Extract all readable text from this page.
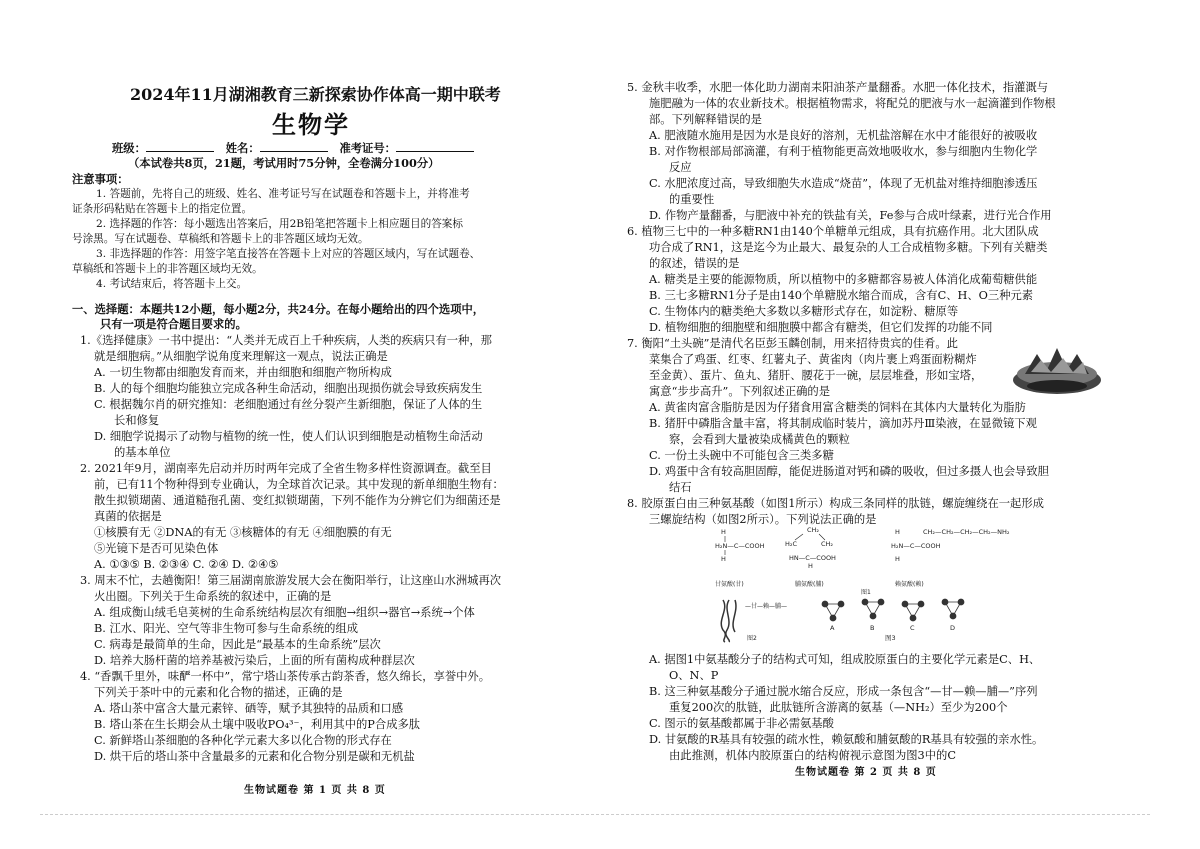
2024年11月湖湘教育三新探索协作体高一期中联考
生物学
班级：	姓名：	准考证号：
（本试卷共8页，21题，考试用时75分钟，全卷满分100分）
注意事项：
1. 答题前，先将自己的班级、姓名、准考证号写在试题卷和答题卡上，并将准考
证条形码粘贴在答题卡上的指定位置。
2. 选择题的作答：每小题选出答案后，用2B铅笔把答题卡上相应题目的答案标
号涂黑。写在试题卷、草稿纸和答题卡上的非答题区域均无效。
3. 非选择题的作答：用签字笔直接答在答题卡上对应的答题区域内，写在试题卷、
草稿纸和答题卡上的非答题区域均无效。
4. 考试结束后，将答题卡上交。
一、选择题：本题共12小题，每小题2分，共24分。在每小题给出的四个选项中，
只有一项是符合题目要求的。
1.《选择健康》一书中提出：“人类并无成百上千种疾病，人类的疾病只有一种，那
就是细胞病。”从细胞学说角度来理解这一观点，说法正确是
A. 一切生物都由细胞发育而来，并由细胞和细胞产物所构成
B. 人的每个细胞均能独立完成各种生命活动，细胞出现损伤就会导致疾病发生
C. 根据魏尔肖的研究推知：老细胞通过有丝分裂产生新细胞，保证了人体的生
长和修复
D. 细胞学说揭示了动物与植物的统一性，使人们认识到细胞是动植物生命活动
的基本单位
2. 2021年9月，湖南率先启动并历时两年完成了全省生物多样性资源调查。截至目
前，已有11个物种得到专业确认，为全球首次记录。其中发现的新单细胞生物有：
散生拟锁瑚菌、通道糙孢孔菌、变红拟锁瑚菌，下列不能作为分辨它们为细菌还是
真菌的依据是
①核膜有无 ②DNA的有无 ③核糖体的有无 ④细胞膜的有无
⑤光镜下是否可见染色体
A. ①③⑤ B. ②③④ C. ②④ D. ②④⑤
3. 周末不忙，去趟衡阳！第三届湖南旅游发展大会在衡阳举行，让这座山水洲城再次
火出圈。下列关于生命系统的叙述中，正确的是
A. 组成衡山绒毛皂荚树的生命系统结构层次有细胞→组织→器官→系统→个体
B. 江水、阳光、空气等非生物可参与生命系统的组成
C. 病毒是最简单的生命，因此是“最基本的生命系统”层次
D. 培养大肠杆菌的培养基被污染后，上面的所有菌构成种群层次
4. “香飘千里外，味酽一杯中”，常宁塔山茶传承古韵茶香，悠久绵长，享誉中外。
下列关于茶叶中的元素和化合物的描述，正确的是
A. 塔山茶中富含大量元素锌、硒等，赋予其独特的品质和口感
B. 塔山茶在生长期会从土壤中吸收PO₄³⁻，利用其中的P合成多肽
C. 新鲜塔山茶细胞的各种化学元素大多以化合物的形式存在
D. 烘干后的塔山茶中含量最多的元素和化合物分别是碳和无机盐
生物试题卷 第 1 页 共 8 页
5. 金秋丰收季，水肥一体化助力湖南耒阳油茶产量翻番。水肥一体化技术，指灌溉与
施肥融为一体的农业新技术。根据植物需求，将配兑的肥液与水一起滴灌到作物根
部。下列解释错误的是
A. 肥液随水施用是因为水是良好的溶剂，无机盐溶解在水中才能很好的被吸收
B. 对作物根部局部滴灌，有利于植物能更高效地吸收水，参与细胞内生物化学
反应
C. 水肥浓度过高，导致细胞失水造成“烧苗”，体现了无机盐对维持细胞渗透压
的重要性
D. 作物产量翻番，与肥液中补充的铁盐有关，Fe参与合成叶绿素，进行光合作用
6. 植物三七中的一种多糖RN1由140个单糖单元组成，具有抗癌作用。北大团队成
功合成了RN1，这是迄今为止最大、最复杂的人工合成植物多糖。下列有关糖类
的叙述，错误的是
A. 糖类是主要的能源物质，所以植物中的多糖都容易被人体消化成葡萄糖供能
B. 三七多糖RN1分子是由140个单糖脱水缩合而成，含有C、H、O三种元素
C. 生物体内的糖类绝大多数以多糖形式存在，如淀粉、糖原等
D. 植物细胞的细胞壁和细胞膜中都含有糖类，但它们发挥的功能不同
7. 衡阳“土头碗”是清代名臣彭玉麟创制，用来招待贵宾的佳肴。此
菜集合了鸡蛋、红枣、红薯丸子、黄雀肉（肉片裹上鸡蛋面粉糊炸
至金黄）、蛋片、鱼丸、猪肝、腰花于一碗，层层堆叠，形如宝塔，
寓意“步步高升”。下列叙述正确的是
A. 黄雀肉富含脂肪是因为仔猪食用富含糖类的饲料在其体内大量转化为脂肪
B. 猪肝中磷脂含量丰富，将其制成临时装片，滴加苏丹Ⅲ染液，在显微镜下观
察，会看到大量被染成橘黄色的颗粒
C. 一份土头碗中不可能包含三类多糖
D. 鸡蛋中含有较高胆固醇，能促进肠道对钙和磷的吸收，但过多摄人也会导致胆
结石
8. 胶原蛋白由三种氨基酸（如图1所示）构成三条同样的肽链，螺旋缠绕在一起形成
三螺旋结构（如图2所示）。下列说法正确的是
H
H₂N—C—COOH
H
CH₂
H₂C	CH₂
HN—C—COOH
H
H
H₂N—C—COOH
CH₂—CH₂—CH₂—CH₂—NH₂
H
甘氨酸(甘)	脯氨酸(脯)	赖氨酸(赖)
图1
—甘—赖—脯—
图2
A	B	C	D
图3
A. 据图1中氨基酸分子的结构式可知，组成胶原蛋白的主要化学元素是C、H、
O、N、P
B. 这三种氨基酸分子通过脱水缩合反应，形成一条包含“—甘—赖—脯—”序列
重复200次的肽链，此肽链所含游离的氨基（—NH₂）至少为200个
C. 图示的氨基酸都属于非必需氨基酸
D. 甘氨酸的R基具有较强的疏水性，赖氨酸和脯氨酸的R基具有较强的亲水性。
由此推测，机体内胶原蛋白的结构俯视示意图为图3中的C
生物试题卷 第 2 页 共 8 页
